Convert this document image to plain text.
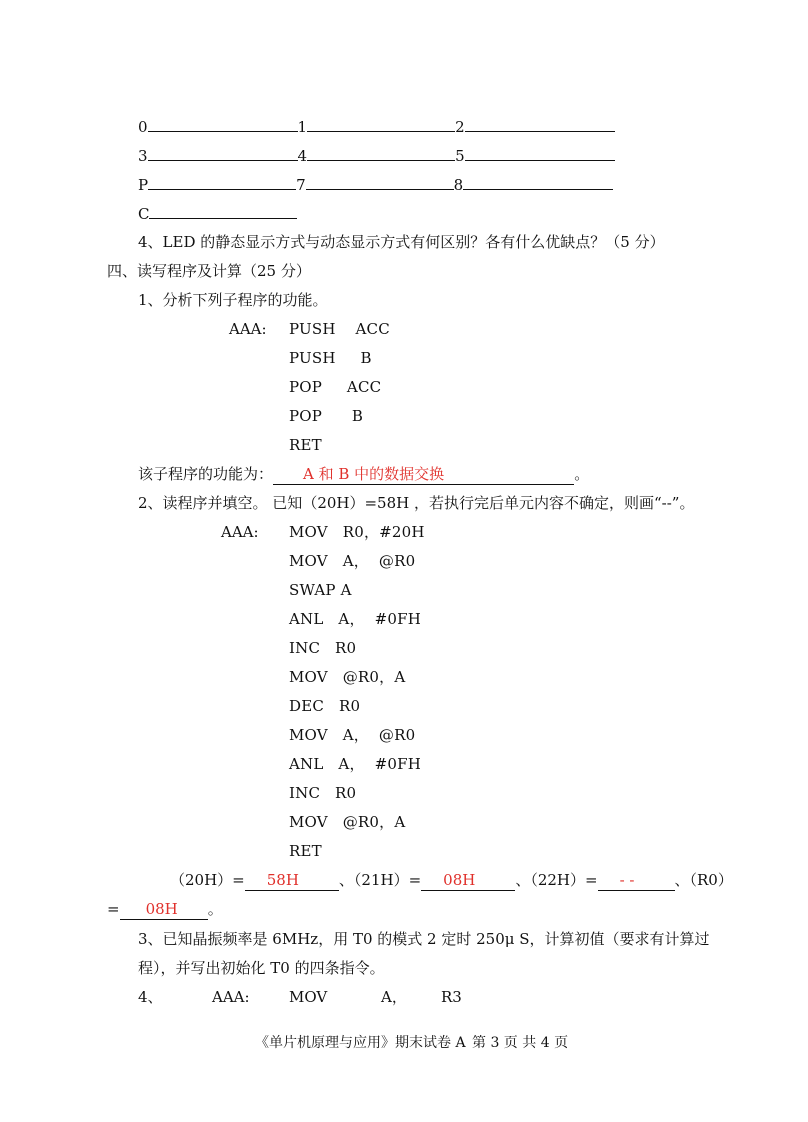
0	1	2
3	4	5
P	7	8
C
4、LED 的静态显示方式与动态显示方式有何区别？各有什么优缺点？（5 分）
四、读写程序及计算（25 分）
1、分析下列子程序的功能。
AAA: PUSH    ACC
PUSH     B
POP     ACC
POP      B
RET
该子程序的功能为： A 和 B 中的数据交换	。
2、读程序并填空。 已知（20H）=58H ，若执行完后单元内容不确定，则画“--”。
AAA: MOV   R0，#20H
MOV   A，  @R0
SWAP A
ANL   A，  #0FH
INC   R0
MOV   @R0，A
DEC   R0
MOV   A，  @R0
ANL   A，  #0FH
INC   R0
MOV   @R0，A
RET
（20H）= 58H	、（21H）= 08H	、（22H）= - -	、（R0）
= 08H 。
3、已知晶振频率是 6MHz，用 T0 的模式 2 定时 250μ S，计算初值（要求有计算过
程），并写出初始化 T0 的四条指令。
4、	AAA:	MOV	A， R3
《单片机原理与应用》期末试卷 A 第 3 页 共 4 页
